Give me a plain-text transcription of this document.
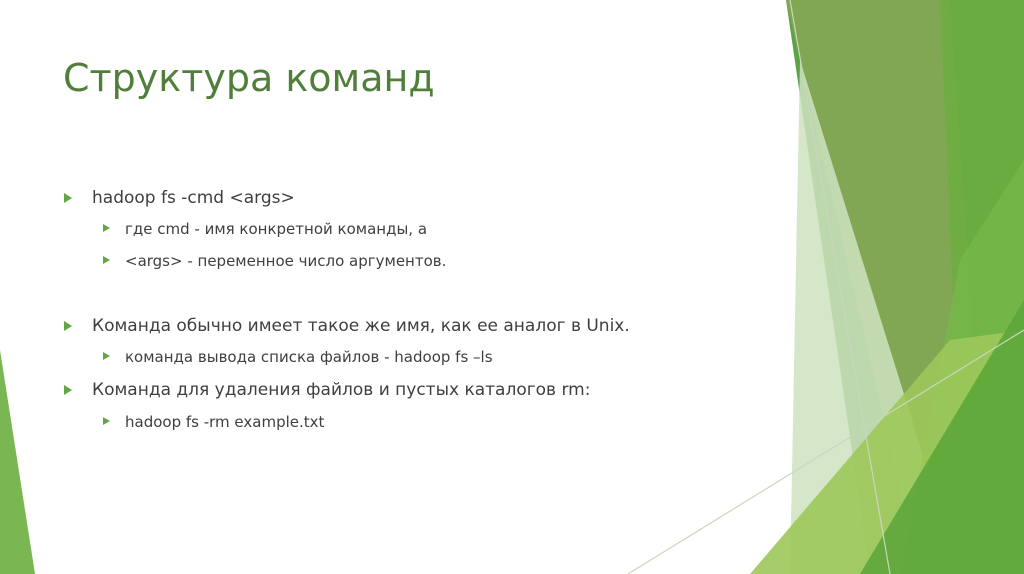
Структура команд
hadoop fs -cmd <args>
где cmd - имя конкретной команды, а
<args> - переменное число аргументов.
Команда обычно имеет такое же имя, как ее аналог в Unix.
команда вывода списка файлов - hadoop fs –ls
Команда для удаления файлов и пустых каталогов rm:
hadoop fs -rm example.txt
